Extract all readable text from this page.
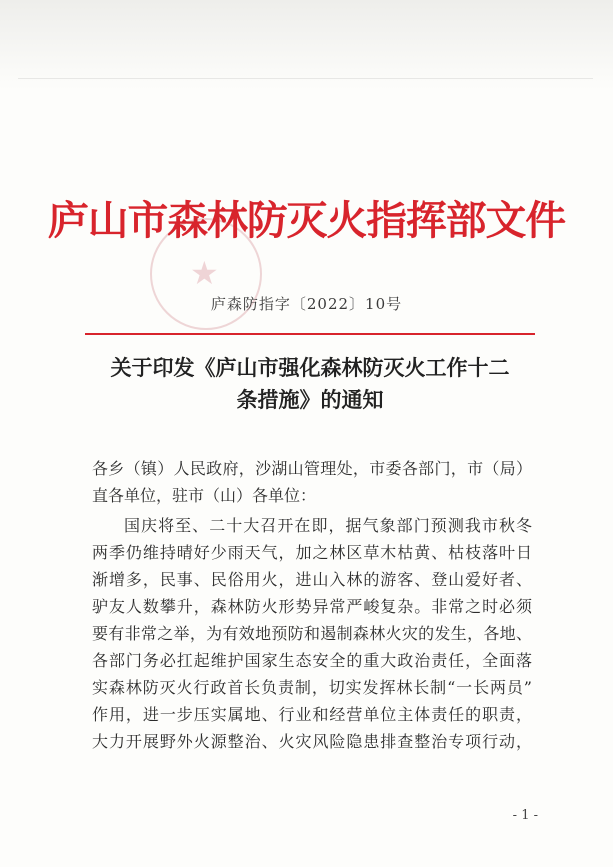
★
庐山市森林防灭火指挥部文件
庐森防指字〔2022〕10号
关于印发《庐山市强化森林防灭火工作十二
条措施》的通知
各乡（镇）人民政府，沙湖山管理处，市委各部门，市（局）
直各单位，驻市（山）各单位：
国庆将至、二十大召开在即，据气象部门预测我市秋冬
两季仍维持晴好少雨天气，加之林区草木枯黄、枯枝落叶日
渐增多，民事、民俗用火，进山入林的游客、登山爱好者、
驴友人数攀升，森林防火形势异常严峻复杂。非常之时必须
要有非常之举，为有效地预防和遏制森林火灾的发生，各地、
各部门务必扛起维护国家生态安全的重大政治责任，全面落
实森林防灭火行政首长负责制，切实发挥林长制“一长两员”
作用，进一步压实属地、行业和经营单位主体责任的职责，
大力开展野外火源整治、火灾风险隐患排查整治专项行动，
- 1 -
